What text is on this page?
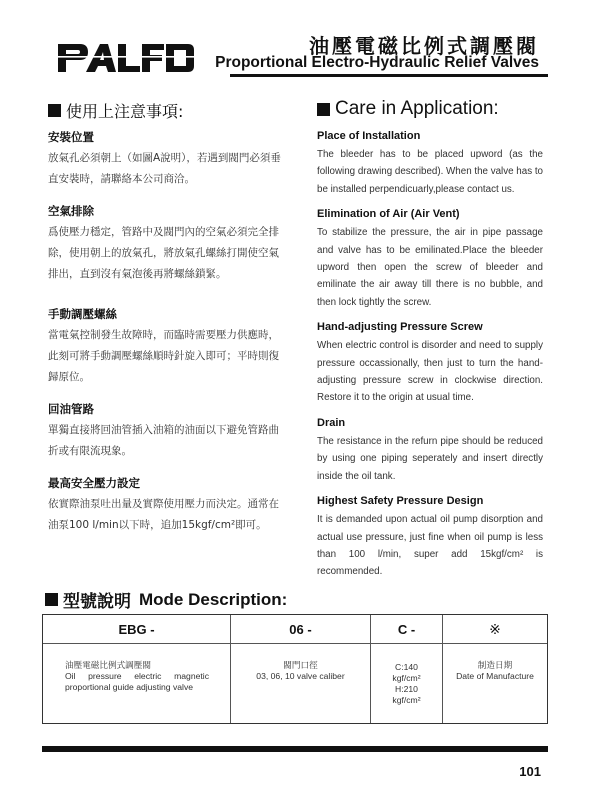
油壓電磁比例式調壓閥
Proportional Electro-Hydraulic Relief Valves
使用上注意事項:
安裝位置
放氣孔必須朝上（如圖A說明），若遇到閥門必須垂直安裝時，請聯絡本公司商洽。
空氣排除
爲使壓力穩定，管路中及閥門內的空氣必須完全排除，使用朝上的放氣孔，將放氣孔螺絲打開使空氣排出，直到沒有氣泡後再將螺絲鎖緊。
手動調壓螺絲
當電氣控制發生故障時，而臨時需要壓力供應時，此刻可將手動調壓螺絲順時針旋入即可；平時則復歸原位。
回油管路
單獨直接將回油管插入油箱的油面以下避免管路曲折或有限流現象。
最高安全壓力設定
依實際油泵吐出量及實際使用壓力而決定。通常在油泵100 l/min以下時，追加15kgf/cm²即可。
Care in Application:
Place of Installation
The bleeder has to be placed upword (as the following drawing described). When the valve has to be installed perpendicuarly,please contact us.
Elimination of Air (Air Vent)
To stabilize the pressure, the air in pipe passage and valve has to be emilinated.Place the bleeder upword then open the screw of bleeder and emilinate the air away till there is no bubble, and then lock tightly the screw.
Hand-adjusting Pressure Screw
When electric control is disorder and need to supply pressure occassionally, then just to turn the hand-adjusting pressure screw in clockwise direction. Restore it to the origin at usual time.
Drain
The resistance in the refurn pipe should be reduced by using one piping seperately and insert directly inside the oil tank.
Highest Safety Pressure Design
It is demanded upon actual oil pump disorption and actual use pressure, just fine when oil pump is less than 100 l/min, super add 15kgf/cm² is recommended.
型號說明 Mode Description:
EBG -
油壓電磁比例式調壓閥
Oil pressure electric magnetic
proportional guide adjusting valve
06 -
閥門口徑
03, 06, 10 valve caliber
C -
C:140
kgf/cm²
H:210
kgf/cm²
※
制造日期
Date of Manufacture
101
